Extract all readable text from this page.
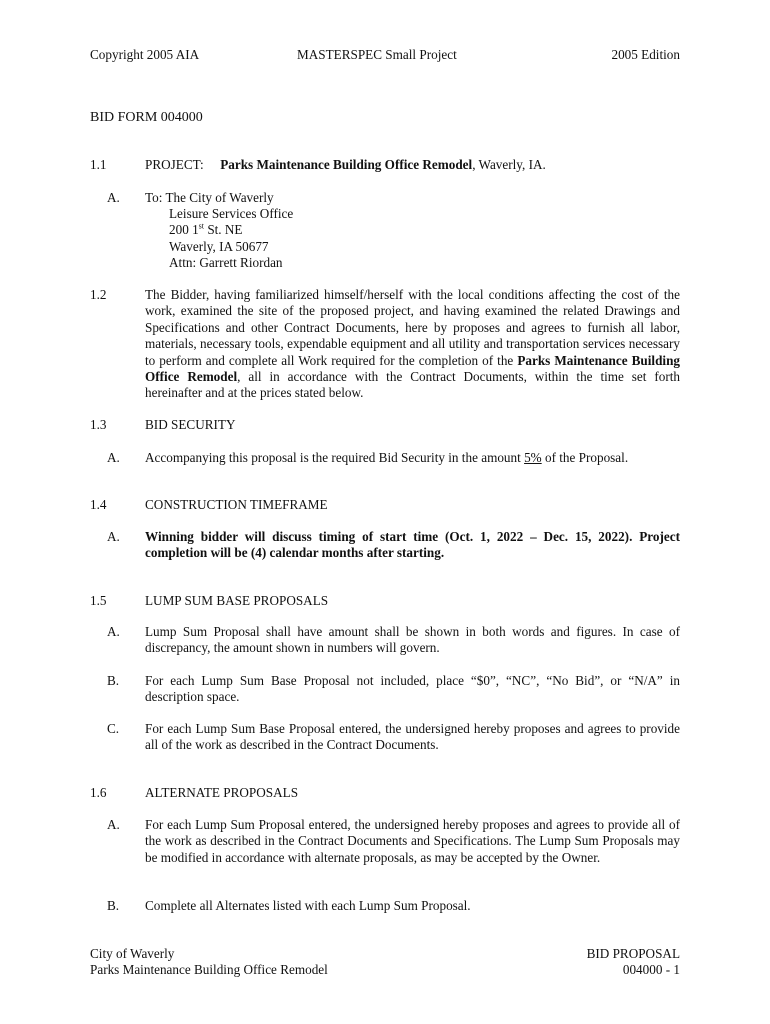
Copyright 2005 AIA	MASTERSPEC Small Project	2005 Edition
BID FORM 004000
1.1	PROJECT: Parks Maintenance Building Office Remodel, Waverly, IA.
A. To: The City of Waverly
Leisure Services Office
200 1st St. NE
Waverly, IA 50677
Attn: Garrett Riordan
1.2	The Bidder, having familiarized himself/herself with the local conditions affecting the cost of the work, examined the site of the proposed project, and having examined the related Drawings and Specifications and other Contract Documents, here by proposes and agrees to furnish all labor, materials, necessary tools, expendable equipment and all utility and transportation services necessary to perform and complete all Work required for the completion of the Parks Maintenance Building Office Remodel, all in accordance with the Contract Documents, within the time set forth hereinafter and at the prices stated below.
1.3	BID SECURITY
A. Accompanying this proposal is the required Bid Security in the amount 5% of the Proposal.
1.4	CONSTRUCTION TIMEFRAME
A. Winning bidder will discuss timing of start time (Oct. 1, 2022 – Dec. 15, 2022). Project completion will be (4) calendar months after starting.
1.5	LUMP SUM BASE PROPOSALS
A. Lump Sum Proposal shall have amount shall be shown in both words and figures. In case of discrepancy, the amount shown in numbers will govern.
B. For each Lump Sum Base Proposal not included, place “$0”, “NC”, “No Bid”, or “N/A” in description space.
C. For each Lump Sum Base Proposal entered, the undersigned hereby proposes and agrees to provide all of the work as described in the Contract Documents.
1.6	ALTERNATE PROPOSALS
A. For each Lump Sum Proposal entered, the undersigned hereby proposes and agrees to provide all of the work as described in the Contract Documents and Specifications. The Lump Sum Proposals may be modified in accordance with alternate proposals, as may be accepted by the Owner.
B. Complete all Alternates listed with each Lump Sum Proposal.
City of Waverly
Parks Maintenance Building Office Remodel
BID PROPOSAL
004000 - 1
